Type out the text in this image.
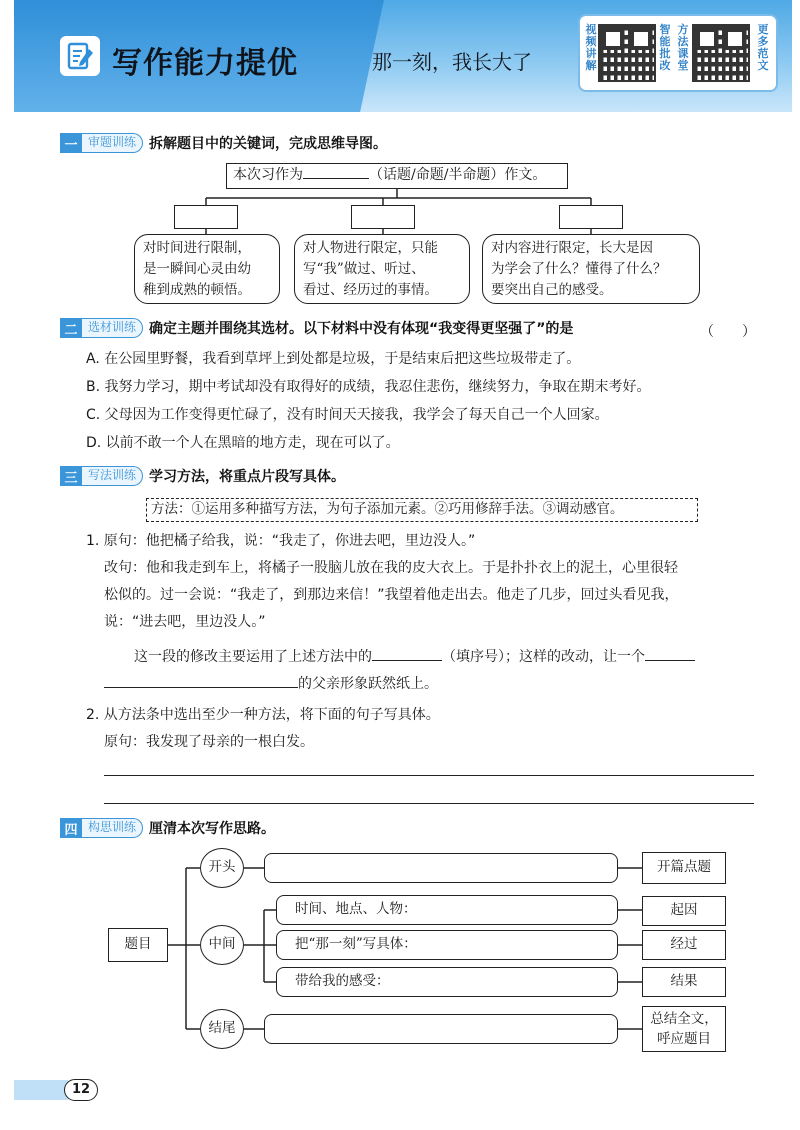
写作能力提优	那一刻，我长大了
视频讲解
智能批改
方法课堂
更多范文
一 审题训练 拆解题目中的关键词，完成思维导图。
本次习作为	（话题/命题/半命题）作文。
对时间进行限制，
是一瞬间心灵由幼
稚到成熟的顿悟。
对人物进行限定，只能
写“我”做过、听过、
看过、经历过的事情。
对内容进行限定，长大是因
为学会了什么？懂得了什么？
要突出自己的感受。
二 选材训练 确定主题并围绕其选材。以下材料中没有体现“我变得更坚强了”的是	（　　）
A. 在公园里野餐，我看到草坪上到处都是垃圾，于是结束后把这些垃圾带走了。
B. 我努力学习，期中考试却没有取得好的成绩，我忍住悲伤，继续努力，争取在期末考好。
C. 父母因为工作变得更忙碌了，没有时间天天接我，我学会了每天自己一个人回家。
D. 以前不敢一个人在黑暗的地方走，现在可以了。
三 写法训练 学习方法，将重点片段写具体。
方法：①运用多种描写方法，为句子添加元素。②巧用修辞手法。③调动感官。
1. 原句：他把橘子给我，说：“我走了，你进去吧，里边没人。”
改句：他和我走到车上，将橘子一股脑儿放在我的皮大衣上。于是扑扑衣上的泥土，心里很轻
松似的。过一会说：“我走了，到那边来信！”我望着他走出去。他走了几步，回过头看见我，
说：“进去吧，里边没人。”
这一段的修改主要运用了上述方法中的	（填序号）；这样的改动，让一个
的父亲形象跃然纸上。
2. 从方法条中选出至少一种方法，将下面的句子写具体。
原句：我发现了母亲的一根白发。
四 构思训练 厘清本次写作思路。
题目
开头
中间
结尾
时间、地点、人物：
把“那一刻”写具体：
带给我的感受：
开篇点题
起因
经过
结果
总结全文，
呼应题目
12
